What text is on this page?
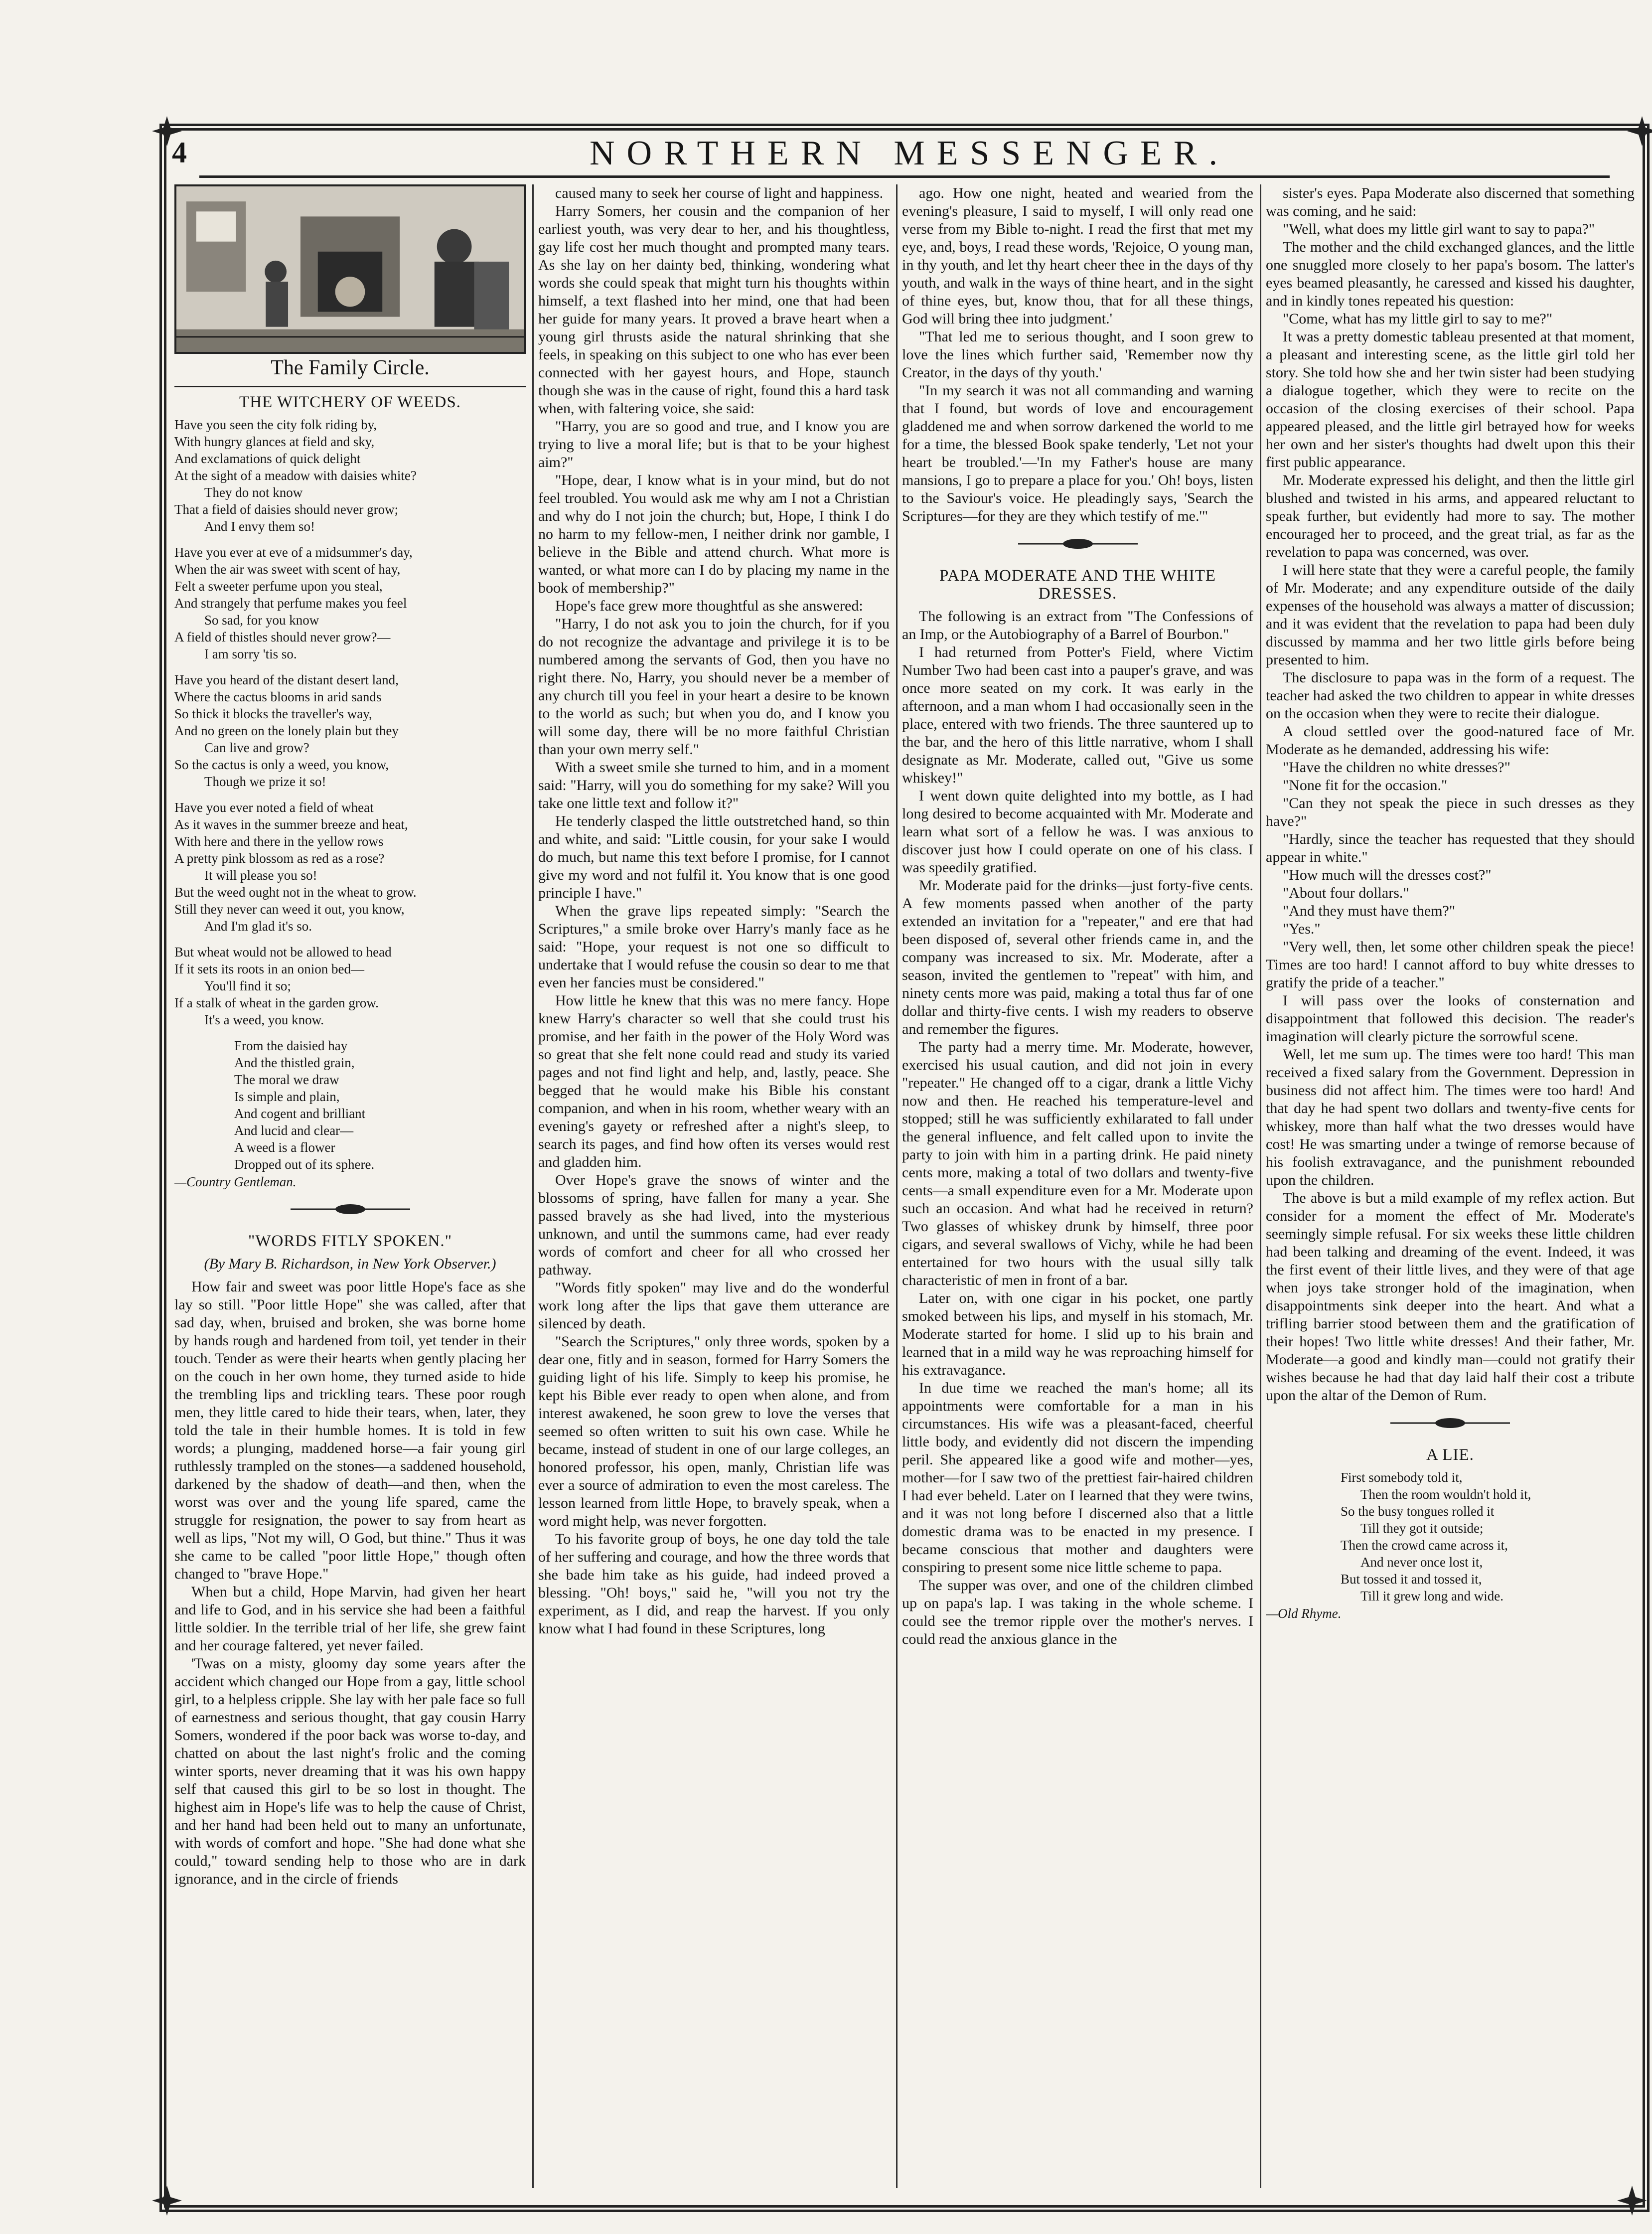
4	NORTHERN MESSENGER.
The Family Circle.
THE WITCHERY OF WEEDS.
Have you seen the city folk riding by,
With hungry glances at field and sky,
And exclamations of quick delight
At the sight of a meadow with daisies white?
They do not know
That a field of daisies should never grow;
And I envy them so!
Have you ever at eve of a midsummer's day,
When the air was sweet with scent of hay,
Felt a sweeter perfume upon you steal,
And strangely that perfume makes you feel
So sad, for you know
A field of thistles should never grow?—
I am sorry 'tis so.
Have you heard of the distant desert land,
Where the cactus blooms in arid sands
So thick it blocks the traveller's way,
And no green on the lonely plain but they
Can live and grow?
So the cactus is only a weed, you know,
Though we prize it so!
Have you ever noted a field of wheat
As it waves in the summer breeze and heat,
With here and there in the yellow rows
A pretty pink blossom as red as a rose?
It will please you so!
But the weed ought not in the wheat to grow.
Still they never can weed it out, you know,
And I'm glad it's so.
But wheat would not be allowed to head
If it sets its roots in an onion bed—
You'll find it so;
If a stalk of wheat in the garden grow.
It's a weed, you know.
From the daisied hay
And the thistled grain,
The moral we draw
Is simple and plain,
And cogent and brilliant
And lucid and clear—
A weed is a flower
Dropped out of its sphere.
—Country Gentleman.
"WORDS FITLY SPOKEN."
(By Mary B. Richardson, in New York Observer.)

How fair and sweet was poor little Hope's face as she lay so still. "Poor little Hope" she was called, after that sad day, when, bruised and broken, she was borne home by hands rough and hardened from toil, yet tender in their touch. Tender as were their hearts when gently placing her on the couch in her own home, they turned aside to hide the trembling lips and trickling tears. These poor rough men, they little cared to hide their tears, when, later, they told the tale in their humble homes. It is told in few words; a plunging, maddened horse—a fair young girl ruthlessly trampled on the stones—a saddened household, darkened by the shadow of death—and then, when the worst was over and the young life spared, came the struggle for resignation, the power to say from heart as well as lips, "Not my will, O God, but thine." Thus it was she came to be called "poor little Hope," though often changed to "brave Hope."

When but a child, Hope Marvin, had given her heart and life to God, and in his service she had been a faithful little soldier. In the terrible trial of her life, she grew faint and her courage faltered, yet never failed.

'Twas on a misty, gloomy day some years after the accident which changed our Hope from a gay, little school girl, to a helpless cripple. She lay with her pale face so full of earnestness and serious thought, that gay cousin Harry Somers, wondered if the poor back was worse to-day, and chatted on about the last night's frolic and the coming winter sports, never dreaming that it was his own happy self that caused this girl to be so lost in thought. The highest aim in Hope's life was to help the cause of Christ, and her hand had been held out to many an unfortunate, with words of comfort and hope. "She had done what she could," toward sending help to those who are in dark ignorance, and in the circle of friends

caused many to seek her course of light and happiness.

Harry Somers, her cousin and the companion of her earliest youth, was very dear to her, and his thoughtless, gay life cost her much thought and prompted many tears. As she lay on her dainty bed, thinking, wondering what words she could speak that might turn his thoughts within himself, a text flashed into her mind, one that had been her guide for many years. It proved a brave heart when a young girl thrusts aside the natural shrinking that she feels, in speaking on this subject to one who has ever been connected with her gayest hours, and Hope, staunch though she was in the cause of right, found this a hard task when, with faltering voice, she said:

"Harry, you are so good and true, and I know you are trying to live a moral life; but is that to be your highest aim?"

"Hope, dear, I know what is in your mind, but do not feel troubled. You would ask me why am I not a Christian and why do I not join the church; but, Hope, I think I do no harm to my fellow-men, I neither drink nor gamble, I believe in the Bible and attend church. What more is wanted, or what more can I do by placing my name in the book of membership?"

Hope's face grew more thoughtful as she answered:

"Harry, I do not ask you to join the church, for if you do not recognize the advantage and privilege it is to be numbered among the servants of God, then you have no right there. No, Harry, you should never be a member of any church till you feel in your heart a desire to be known to the world as such; but when you do, and I know you will some day, there will be no more faithful Christian than your own merry self."

With a sweet smile she turned to him, and in a moment said: "Harry, will you do something for my sake? Will you take one little text and follow it?"

He tenderly clasped the little outstretched hand, so thin and white, and said: "Little cousin, for your sake I would do much, but name this text before I promise, for I cannot give my word and not fulfil it. You know that is one good principle I have."

When the grave lips repeated simply: "Search the Scriptures," a smile broke over Harry's manly face as he said: "Hope, your request is not one so difficult to undertake that I would refuse the cousin so dear to me that even her fancies must be considered."

How little he knew that this was no mere fancy. Hope knew Harry's character so well that she could trust his promise, and her faith in the power of the Holy Word was so great that she felt none could read and study its varied pages and not find light and help, and, lastly, peace. She begged that he would make his Bible his constant companion, and when in his room, whether weary with an evening's gayety or refreshed after a night's sleep, to search its pages, and find how often its verses would rest and gladden him.

Over Hope's grave the snows of winter and the blossoms of spring, have fallen for many a year. She passed bravely as she had lived, into the mysterious unknown, and until the summons came, had ever ready words of comfort and cheer for all who crossed her pathway.

"Words fitly spoken" may live and do the wonderful work long after the lips that gave them utterance are silenced by death.

"Search the Scriptures," only three words, spoken by a dear one, fitly and in season, formed for Harry Somers the guiding light of his life. Simply to keep his promise, he kept his Bible ever ready to open when alone, and from interest awakened, he soon grew to love the verses that seemed so often written to suit his own case. While he became, instead of student in one of our large colleges, an honored professor, his open, manly, Christian life was ever a source of admiration to even the most careless. The lesson learned from little Hope, to bravely speak, when a word might help, was never forgotten.

To his favorite group of boys, he one day told the tale of her suffering and courage, and how the three words that she bade him take as his guide, had indeed proved a blessing. "Oh! boys," said he, "will you not try the experiment, as I did, and reap the harvest. If you only know what I had found in these Scriptures, long

ago. How one night, heated and wearied from the evening's pleasure, I said to myself, I will only read one verse from my Bible to-night. I read the first that met my eye, and, boys, I read these words, 'Rejoice, O young man, in thy youth, and let thy heart cheer thee in the days of thy youth, and walk in the ways of thine heart, and in the sight of thine eyes, but, know thou, that for all these things, God will bring thee into judgment.'

"That led me to serious thought, and I soon grew to love the lines which further said, 'Remember now thy Creator, in the days of thy youth.'

"In my search it was not all commanding and warning that I found, but words of love and encouragement gladdened me and when sorrow darkened the world to me for a time, the blessed Book spake tenderly, 'Let not your heart be troubled.'—'In my Father's house are many mansions, I go to prepare a place for you.' Oh! boys, listen to the Saviour's voice. He pleadingly says, 'Search the Scriptures—for they are they which testify of me.'"

PAPA MODERATE AND THE WHITE DRESSES.

The following is an extract from "The Confessions of an Imp, or the Autobiography of a Barrel of Bourbon."

I had returned from Potter's Field, where Victim Number Two had been cast into a pauper's grave, and was once more seated on my cork. It was early in the afternoon, and a man whom I had occasionally seen in the place, entered with two friends. The three sauntered up to the bar, and the hero of this little narrative, whom I shall designate as Mr. Moderate, called out, "Give us some whiskey!"

I went down quite delighted into my bottle, as I had long desired to become acquainted with Mr. Moderate and learn what sort of a fellow he was. I was anxious to discover just how I could operate on one of his class. I was speedily gratified.

Mr. Moderate paid for the drinks—just forty-five cents. A few moments passed when another of the party extended an invitation for a "repeater," and ere that had been disposed of, several other friends came in, and the company was increased to six. Mr. Moderate, after a season, invited the gentlemen to "repeat" with him, and ninety cents more was paid, making a total thus far of one dollar and thirty-five cents. I wish my readers to observe and remember the figures.

The party had a merry time. Mr. Moderate, however, exercised his usual caution, and did not join in every "repeater." He changed off to a cigar, drank a little Vichy now and then. He reached his temperature-level and stopped; still he was sufficiently exhilarated to fall under the general influence, and felt called upon to invite the party to join with him in a parting drink. He paid ninety cents more, making a total of two dollars and twenty-five cents—a small expenditure even for a Mr. Moderate upon such an occasion. And what had he received in return? Two glasses of whiskey drunk by himself, three poor cigars, and several swallows of Vichy, while he had been entertained for two hours with the usual silly talk characteristic of men in front of a bar.

Later on, with one cigar in his pocket, one partly smoked between his lips, and myself in his stomach, Mr. Moderate started for home. I slid up to his brain and learned that in a mild way he was reproaching himself for his extravagance.

In due time we reached the man's home; all its appointments were comfortable for a man in his circumstances. His wife was a pleasant-faced, cheerful little body, and evidently did not discern the impending peril. She appeared like a good wife and mother—yes, mother—for I saw two of the prettiest fair-haired children I had ever beheld. Later on I learned that they were twins, and it was not long before I discerned also that a little domestic drama was to be enacted in my presence. I became conscious that mother and daughters were conspiring to present some nice little scheme to papa.

The supper was over, and one of the children climbed up on papa's lap. I was taking in the whole scheme. I could see the tremor ripple over the mother's nerves. I could read the anxious glance in the

sister's eyes. Papa Moderate also discerned that something was coming, and he said:

"Well, what does my little girl want to say to papa?"

The mother and the child exchanged glances, and the little one snuggled more closely to her papa's bosom. The latter's eyes beamed pleasantly, he caressed and kissed his daughter, and in kindly tones repeated his question:

"Come, what has my little girl to say to me?"

It was a pretty domestic tableau presented at that moment, a pleasant and interesting scene, as the little girl told her story. She told how she and her twin sister had been studying a dialogue together, which they were to recite on the occasion of the closing exercises of their school. Papa appeared pleased, and the little girl betrayed how for weeks her own and her sister's thoughts had dwelt upon this their first public appearance.

Mr. Moderate expressed his delight, and then the little girl blushed and twisted in his arms, and appeared reluctant to speak further, but evidently had more to say. The mother encouraged her to proceed, and the great trial, as far as the revelation to papa was concerned, was over.

I will here state that they were a careful people, the family of Mr. Moderate; and any expenditure outside of the daily expenses of the household was always a matter of discussion; and it was evident that the revelation to papa had been duly discussed by mamma and her two little girls before being presented to him.

The disclosure to papa was in the form of a request. The teacher had asked the two children to appear in white dresses on the occasion when they were to recite their dialogue.

A cloud settled over the good-natured face of Mr. Moderate as he demanded, addressing his wife:

"Have the children no white dresses?"

"None fit for the occasion."

"Can they not speak the piece in such dresses as they have?"

"Hardly, since the teacher has requested that they should appear in white."

"How much will the dresses cost?"

"About four dollars."

"And they must have them?"

"Yes."

"Very well, then, let some other children speak the piece! Times are too hard! I cannot afford to buy white dresses to gratify the pride of a teacher."

I will pass over the looks of consternation and disappointment that followed this decision. The reader's imagination will clearly picture the sorrowful scene.

Well, let me sum up. The times were too hard! This man received a fixed salary from the Government. Depression in business did not affect him. The times were too hard! And that day he had spent two dollars and twenty-five cents for whiskey, more than half what the two dresses would have cost! He was smarting under a twinge of remorse because of his foolish extravagance, and the punishment rebounded upon the children.

The above is but a mild example of my reflex action. But consider for a moment the effect of Mr. Moderate's seemingly simple refusal. For six weeks these little children had been talking and dreaming of the event. Indeed, it was the first event of their little lives, and they were of that age when joys take stronger hold of the imagination, when disappointments sink deeper into the heart. And what a trifling barrier stood between them and the gratification of their hopes! Two little white dresses! And their father, Mr. Moderate—a good and kindly man—could not gratify their wishes because he had that day laid half their cost a tribute upon the altar of the Demon of Rum.

A LIE.
First somebody told it,
Then the room wouldn't hold it,
So the busy tongues rolled it
Till they got it outside;
Then the crowd came across it,
And never once lost it,
But tossed it and tossed it,
Till it grew long and wide.
—Old Rhyme.
